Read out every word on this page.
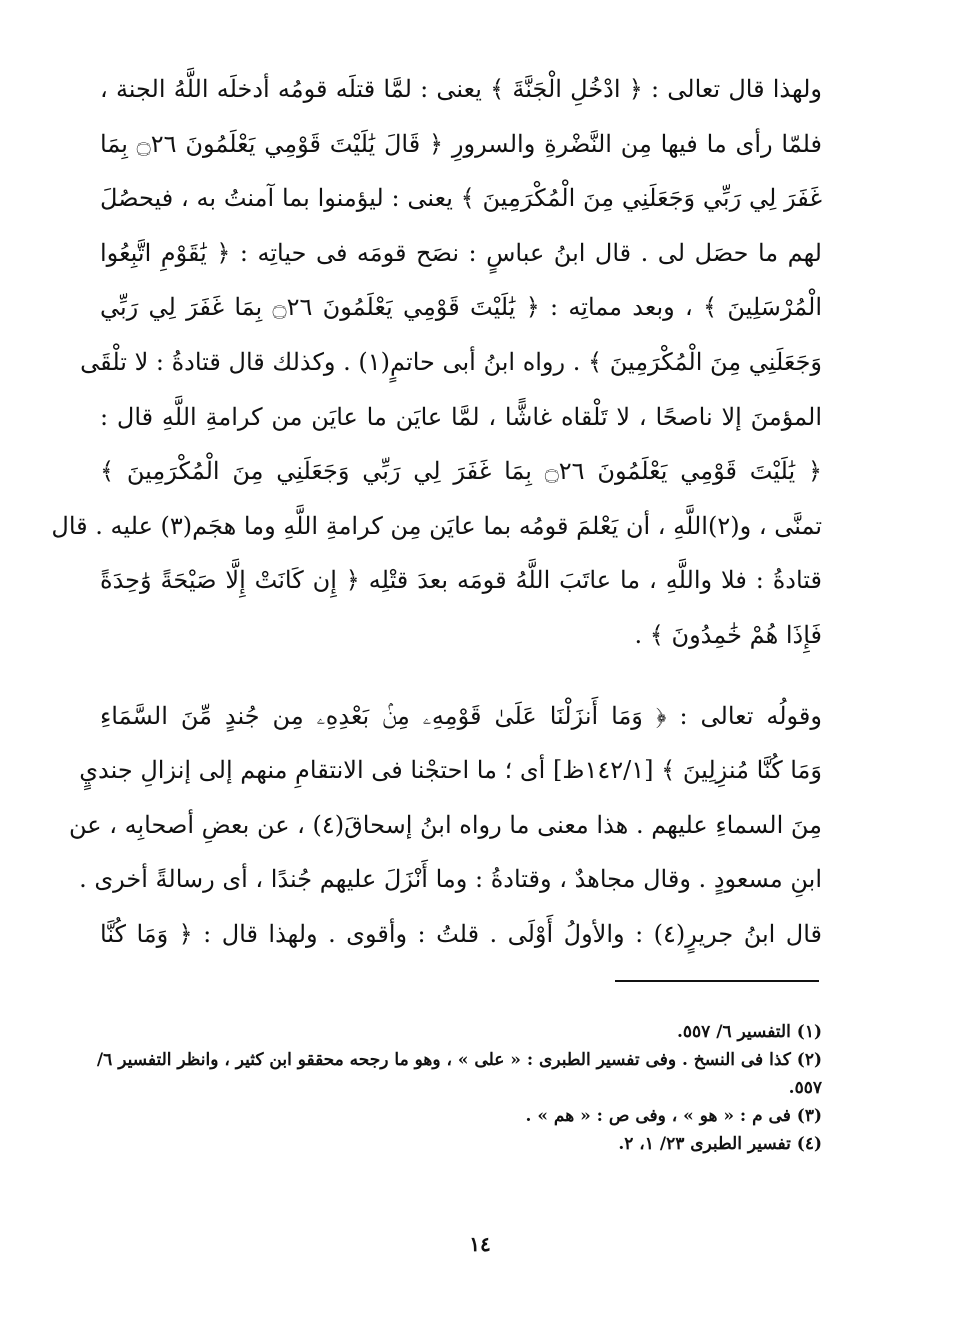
ولهذا قال تعالى : ﴿ ادْخُلِ الْجَنَّةَ ﴾ يعنى : لمَّا قتلَه قومُه أدخلَه اللَّهُ الجنة ،
فلمّا رأى ما فيها مِن النَّضْرةِ والسرورِ ﴿ قَالَ يَٰلَيْتَ قَوْمِي يَعْلَمُونَ ۝٢٦ بِمَا
غَفَرَ لِي رَبِّي وَجَعَلَنِي مِنَ الْمُكْرَمِينَ ﴾ يعنى : ليؤمنوا بما آمنتُ به ، فيحصُلَ
لهم ما حصَل لى . قال ابنُ عباسٍ : نصَح قومَه فى حياتِه : ﴿ يَٰقَوْمِ اتَّبِعُوا
الْمُرْسَلِينَ ﴾ ، وبعد مماتِه : ﴿ يَٰلَيْتَ قَوْمِي يَعْلَمُونَ ۝٢٦ بِمَا غَفَرَ لِي رَبِّي
وَجَعَلَنِي مِنَ الْمُكْرَمِينَ ﴾ . رواه ابنُ أبى حاتمٍ(١) . وكذلك قال قتادةُ : لا تلْقَى
المؤمنَ إلا ناصحًا ، لا تَلْقاه غاشًّا ، لمَّا عايَن ما عايَن من كرامةِ اللَّهِ قال :
﴿ يَٰلَيْتَ قَوْمِي يَعْلَمُونَ ۝٢٦ بِمَا غَفَرَ لِي رَبِّي وَجَعَلَنِي مِنَ الْمُكْرَمِينَ ﴾
تمنَّى ، و(٢)اللَّهِ ، أن يَعْلمَ قومُه بما عايَن مِن كرامةِ اللَّهِ وما هجَم(٣) عليه . قال
قتادةُ : فلا واللَّهِ ، ما عاتَبَ اللَّهُ قومَه بعدَ قتْلِه ﴿ إِن كَانَتْ إِلَّا صَيْحَةً وَٰحِدَةً
فَإِذَا هُمْ خَٰمِدُونَ ﴾ .

وقولُه تعالى : ﴿ وَمَا أَنزَلْنَا عَلَىٰ قَوْمِهِۦ مِنۢ بَعْدِهِۦ مِن جُندٍ مِّنَ السَّمَاءِ
وَمَا كُنَّا مُنزِلِينَ ﴾ [١٤٢/١ظ] أى ؛ ما احتجْنا فى الانتقامِ منهم إلى إنزالِ جنديٍ
مِنَ السماءِ عليهم . هذا معنى ما رواه ابنُ إسحاقَ(٤) ، عن بعضِ أصحابِه ، عن
ابنِ مسعودٍ . وقال مجاهدٌ ، وقتادةُ : وما أَنْزَلَ عليهم جُندًا ، أى رسالةً أخرى .
قال ابنُ جريرٍ(٤) : والأولُ أَوْلَى . قلتُ : وأقوى . ولهذا قال : ﴿ وَمَا كُنَّا

(١) التفسير ٦/ ٥٥٧.

(٢) كذا فى النسخ . وفى تفسير الطبرى : « على » ، وهو ما رجحه محققو ابن كثير ، وانظر التفسير ٦/

٥٥٧.

(٣) فى م : « هو » ، وفى ص : « هم » .

(٤) تفسير الطبرى ٢٣/ ١، ٢.

١٤
